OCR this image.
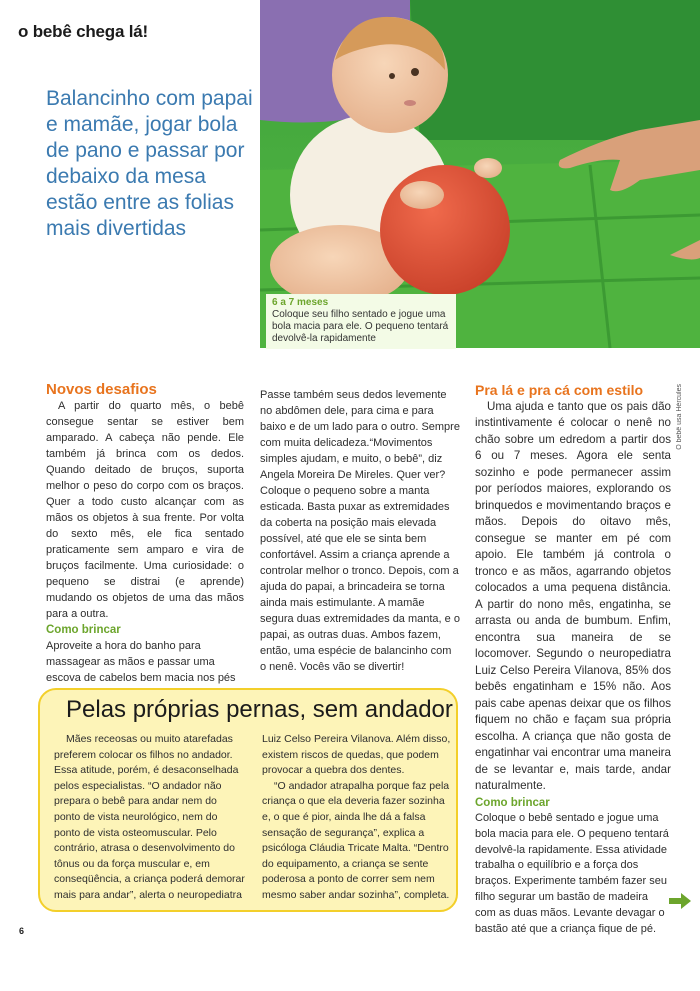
o bebê chega lá!
Balancinho com papai e mamãe, jogar bola de pano e passar por debaixo da mesa estão entre as folias mais divertidas
6 a 7 meses
Coloque seu filho sentado e jogue uma bola macia para ele. O pequeno tentará devolvê-la rapidamente
O bebê usa Hércules

Novos desafios

A partir do quarto mês, o bebê consegue sentar se estiver bem amparado. A cabeça não pende. Ele também já brinca com os dedos. Quando deitado de bruços, suporta melhor o peso do corpo com os braços. Quer a todo custo alcançar com as mãos os objetos à sua frente. Por volta do sexto mês, ele fica sentado praticamente sem amparo e vira de bruços facilmente. Uma curiosidade: o pequeno se distrai (e aprende) mudando os objetos de uma das mãos para a outra.

Como brincar

Aproveite a hora do banho para massagear as mãos e passar uma escova de cabelos bem macia nos pés

Passe também seus dedos levemente no abdômen dele, para cima e para baixo e de um lado para o outro. Sempre com muita delicadeza.“Movimentos simples ajudam, e muito, o bebê”, diz Angela Moreira De Mireles. Quer ver? Coloque o pequeno sobre a manta esticada. Basta puxar as extremidades da coberta na posição mais elevada possível, até que ele se sinta bem confortável. Assim a criança aprende a controlar melhor o tronco. Depois, com a ajuda do papai, a brincadeira se torna ainda mais estimulante. A mamãe segura duas extremidades da manta, e o papai, as outras duas. Ambos fazem, então, uma espécie de balancinho com o nenê. Vocês vão se divertir!

Pra lá e pra cá com estilo

Uma ajuda e tanto que os pais dão instintivamente é colocar o nenê no chão sobre um edredom a partir dos 6 ou 7 meses. Agora ele senta sozinho e pode permanecer assim por períodos maiores, explorando os brinquedos e movimentando braços e mãos. Depois do oitavo mês, consegue se manter em pé com apoio. Ele também já controla o tronco e as mãos, agarrando objetos colocados a uma pequena distância. A partir do nono mês, engatinha, se arrasta ou anda de bumbum. Enfim, encontra sua maneira de se locomover. Segundo o neuropediatra Luiz Celso Pereira Vilanova, 85% dos bebês engatinham e 15% não. Aos pais cabe apenas deixar que os filhos fiquem no chão e façam sua própria escolha. A criança que não gosta de engatinhar vai encontrar uma maneira de se levantar e, mais tarde, andar naturalmente.

Como brincar

Coloque o bebê sentado e jogue uma bola macia para ele. O pequeno tentará devolvê-la rapidamente. Essa atividade trabalha o equilíbrio e a força dos braços. Experimente também fazer seu filho segurar um bastão de madeira com as duas mãos. Levante devagar o bastão até que a criança fique de pé.

Pelas próprias pernas, sem andador

Mães receosas ou muito atarefadas preferem colocar os filhos no andador. Essa atitude, porém, é desaconselhada pelos especialistas. “O andador não prepara o bebê para andar nem do ponto de vista neurológico, nem do ponto de vista osteomuscular. Pelo contrário, atrasa o desenvolvimento do tônus ou da força muscular e, em conseqüência, a criança poderá demorar mais para andar”, alerta o neuropediatra

Luiz Celso Pereira Vilanova. Além disso, existem riscos de quedas, que podem provocar a quebra dos dentes.

“O andador atrapalha porque faz pela criança o que ela deveria fazer sozinha e, o que é pior, ainda lhe dá a falsa sensação de segurança”, explica a psicóloga Cláudia Tricate Malta. “Dentro do equipamento, a criança se sente poderosa a ponto de correr sem nem mesmo saber andar sozinha”, completa.

6
